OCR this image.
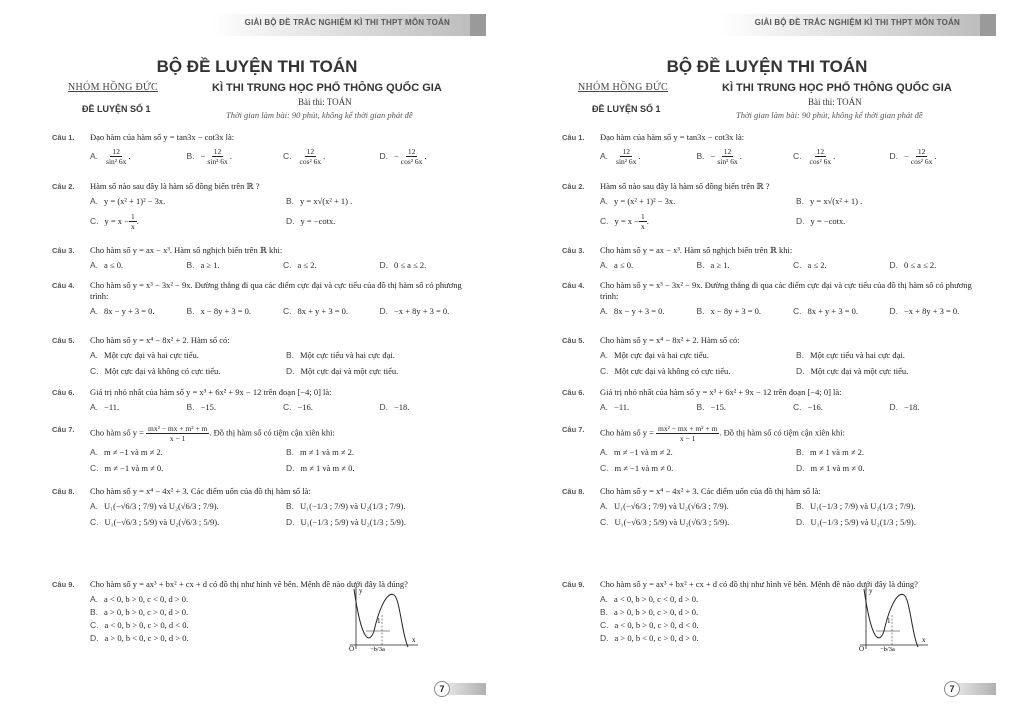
GIẢI BỘ ĐỀ TRẮC NGHIỆM KÌ THI THPT MÔN TOÁN
BỘ ĐỀ LUYỆN THI TOÁN
NHÓM HỒNG ĐỨC	KÌ THI TRUNG HỌC PHỔ THÔNG QUỐC GIA
Bài thi: TOÁN
ĐỀ LUYỆN SỐ 1
Thời gian làm bài: 90 phút, không kể thời gian phát đề
7
Câu 1. Đạo hàm của hàm số y = tan3x − cot3x là:
A. $\frac{12}{\text{sin² 6x}}$ .	B. − $\frac{12}{\text{sin² 6x}}$ .	C. $\frac{12}{\text{cos² 6x}}$ .	D. − $\frac{12}{\text{cos² 6x}}$ .
Câu 2. Hàm số nào sau đây là hàm số đồng biến trên ℝ ?
A. y = (x² + 1)² − 3x.	B. y = x√(x² + 1) .
C. $y = x - \frac{1}{x}$ .	D. y = −cotx.
Câu 3. Cho hàm số y = ax − x³. Hàm số nghịch biến trên ℝ khi:
A. a ≤ 0.	B. a ≥ 1.	C. a ≤ 2.	D. 0 ≤ a ≤ 2.
Câu 4. Cho hàm số y = x³ − 3x² − 9x. Đường thẳng đi qua các điểm cực đại và cực tiểu của đồ thị hàm số có phương trình:
A. 8x − y + 3 = 0.	B. x − 8y + 3 = 0.	C. 8x + y + 3 = 0.	D. −x + 8y + 3 = 0.
Câu 5. Cho hàm số y = x⁴ − 8x² + 2. Hàm số có:
A. Một cực đại và hai cực tiểu.	B. Một cực tiểu và hai cực đại.
C. Một cực đại và không có cực tiểu.	D. Một cực đại và một cực tiểu.
Câu 6. Giá trị nhỏ nhất của hàm số y = x³ + 6x² + 9x − 12 trên đoạn [−4; 0] là:
A. −11.	B. −15.	C. −16.	D. −18.
Câu 7. Cho hàm số $y = \frac{\text{mx² − mx + m² + m}}{x - 1}$ . Đồ thị hàm số có tiệm cận xiên khi:
A. m ≠ −1 và m ≠ 2.	B. m ≠ 1 và m ≠ 2.
C. m ≠ −1 và m ≠ 0.	D. m ≠ 1 và m ≠ 0.
Câu 8. Cho hàm số y = x⁴ − 4x² + 3. Các điểm uốn của đồ thị hàm số là:
A. U₁(−√6/3 ; 7/9) và U₂(√6/3 ; 7/9).	B. U₁(−1/3 ; 7/9) và U₂(1/3 ; 7/9).
C. U₁(−√6/3 ; 5/9) và U₂(√6/3 ; 5/9).	D. U₁(−1/3 ; 5/9) và U₂(1/3 ; 5/9).
Câu 9. Cho hàm số y = ax³ + bx² + cx + d có đồ thị như hình vẽ bên. Mệnh đề nào dưới đây là đúng?
A. a < 0, b > 0, c < 0, d > 0.
B. a > 0, b > 0, c > 0, d > 0.
C. a < 0, b > 0, c > 0, d < 0.
D. a > 0, b < 0, c > 0, d > 0.
y
x
O
1
−b/3a
GIẢI BỘ ĐỀ TRẮC NGHIỆM KÌ THI THPT MÔN TOÁN
BỘ ĐỀ LUYỆN THI TOÁN
NHÓM HỒNG ĐỨC	KÌ THI TRUNG HỌC PHỔ THÔNG QUỐC GIA
Bài thi: TOÁN
ĐỀ LUYỆN SỐ 1
Thời gian làm bài: 90 phút, không kể thời gian phát đề
7
Câu 1. Đạo hàm của hàm số y = tan3x − cot3x là:
A. $\frac{12}{\text{sin² 6x}}$ .	B. − $\frac{12}{\text{sin² 6x}}$ .	C. $\frac{12}{\text{cos² 6x}}$ .	D. − $\frac{12}{\text{cos² 6x}}$ .
Câu 2. Hàm số nào sau đây là hàm số đồng biến trên ℝ ?
A. y = (x² + 1)² − 3x.	B. y = x√(x² + 1) .
C. $y = x - \frac{1}{x}$ .	D. y = −cotx.
Câu 3. Cho hàm số y = ax − x³. Hàm số nghịch biến trên ℝ khi:
A. a ≤ 0.	B. a ≥ 1.	C. a ≤ 2.	D. 0 ≤ a ≤ 2.
Câu 4. Cho hàm số y = x³ − 3x² − 9x. Đường thẳng đi qua các điểm cực đại và cực tiểu của đồ thị hàm số có phương trình:
A. 8x − y + 3 = 0.	B. x − 8y + 3 = 0.	C. 8x + y + 3 = 0.	D. −x + 8y + 3 = 0.
Câu 5. Cho hàm số y = x⁴ − 8x² + 2. Hàm số có:
A. Một cực đại và hai cực tiểu.	B. Một cực tiểu và hai cực đại.
C. Một cực đại và không có cực tiểu.	D. Một cực đại và một cực tiểu.
Câu 6. Giá trị nhỏ nhất của hàm số y = x³ + 6x² + 9x − 12 trên đoạn [−4; 0] là:
A. −11.	B. −15.	C. −16.	D. −18.
Câu 7. Cho hàm số $y = \frac{\text{mx² − mx + m² + m}}{x - 1}$ . Đồ thị hàm số có tiệm cận xiên khi:
A. m ≠ −1 và m ≠ 2.	B. m ≠ 1 và m ≠ 2.
C. m ≠ −1 và m ≠ 0.	D. m ≠ 1 và m ≠ 0.
Câu 8. Cho hàm số y = x⁴ − 4x² + 3. Các điểm uốn của đồ thị hàm số là:
A. U₁(−√6/3 ; 7/9) và U₂(√6/3 ; 7/9).	B. U₁(−1/3 ; 7/9) và U₂(1/3 ; 7/9).
C. U₁(−√6/3 ; 5/9) và U₂(√6/3 ; 5/9).	D. U₁(−1/3 ; 5/9) và U₂(1/3 ; 5/9).
Câu 9. Cho hàm số y = ax³ + bx² + cx + d có đồ thị như hình vẽ bên. Mệnh đề nào dưới đây là đúng?
A. a < 0, b > 0, c < 0, d > 0.
B. a > 0, b > 0, c > 0, d > 0.
C. a < 0, b > 0, c > 0, d < 0.
D. a > 0, b < 0, c > 0, d > 0.
y
x
O
1
−b/3a
